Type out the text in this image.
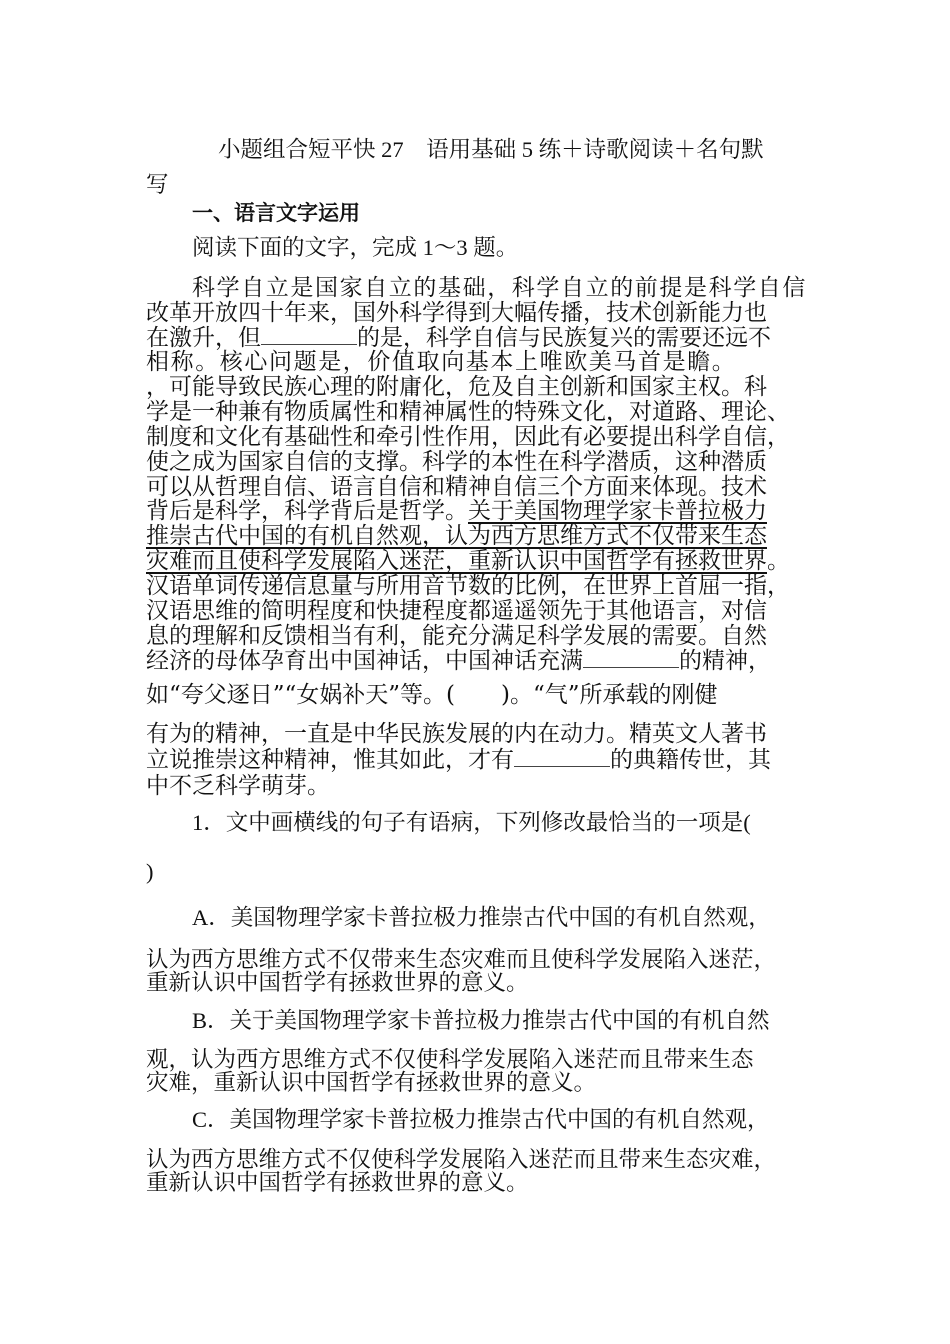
小题组合短平快 27　语用基础 5 练＋诗歌阅读＋名句默
写
一、语言文字运用
阅读下面的文字，完成 1～3 题。
科学自立是国家自立的基础，科学自立的前提是科学自信
改革开放四十年来，国外科学得到大幅传播，技术创新能力也
在激升，但	的是，科学自信与民族复兴的需要还远不
相称。核心问题是，价值取向基本上唯欧美马首是瞻。
，可能导致民族心理的附庸化，危及自主创新和国家主权。科
学是一种兼有物质属性和精神属性的特殊文化，对道路、理论、
制度和文化有基础性和牵引性作用，因此有必要提出科学自信，
使之成为国家自信的支撑。科学的本性在科学潜质，这种潜质
可以从哲理自信、语言自信和精神自信三个方面来体现。技术
背后是科学，科学背后是哲学。关于美国物理学家卡普拉极力
推崇古代中国的有机自然观，认为西方思维方式不仅带来生态
灾难而且使科学发展陷入迷茫，重新认识中国哲学有拯救世界。
汉语单词传递信息量与所用音节数的比例，在世界上首屈一指，
汉语思维的简明程度和快捷程度都遥遥领先于其他语言，对信
息的理解和反馈相当有利，能充分满足科学发展的需要。自然
经济的母体孕育出中国神话，中国神话充满	的精神，
如“夸父逐日”“女娲补天”等。(　　)。“气”所承载的刚健
有为的精神，一直是中华民族发展的内在动力。精英文人著书
立说推崇这种精神，惟其如此，才有	的典籍传世，其
中不乏科学萌芽。
1．文中画横线的句子有语病，下列修改最恰当的一项是(
)
A．美国物理学家卡普拉极力推崇古代中国的有机自然观，
认为西方思维方式不仅带来生态灾难而且使科学发展陷入迷茫，
重新认识中国哲学有拯救世界的意义。
B．关于美国物理学家卡普拉极力推崇古代中国的有机自然
观，认为西方思维方式不仅使科学发展陷入迷茫而且带来生态
灾难，重新认识中国哲学有拯救世界的意义。
C．美国物理学家卡普拉极力推崇古代中国的有机自然观，
认为西方思维方式不仅使科学发展陷入迷茫而且带来生态灾难，
重新认识中国哲学有拯救世界的意义。
